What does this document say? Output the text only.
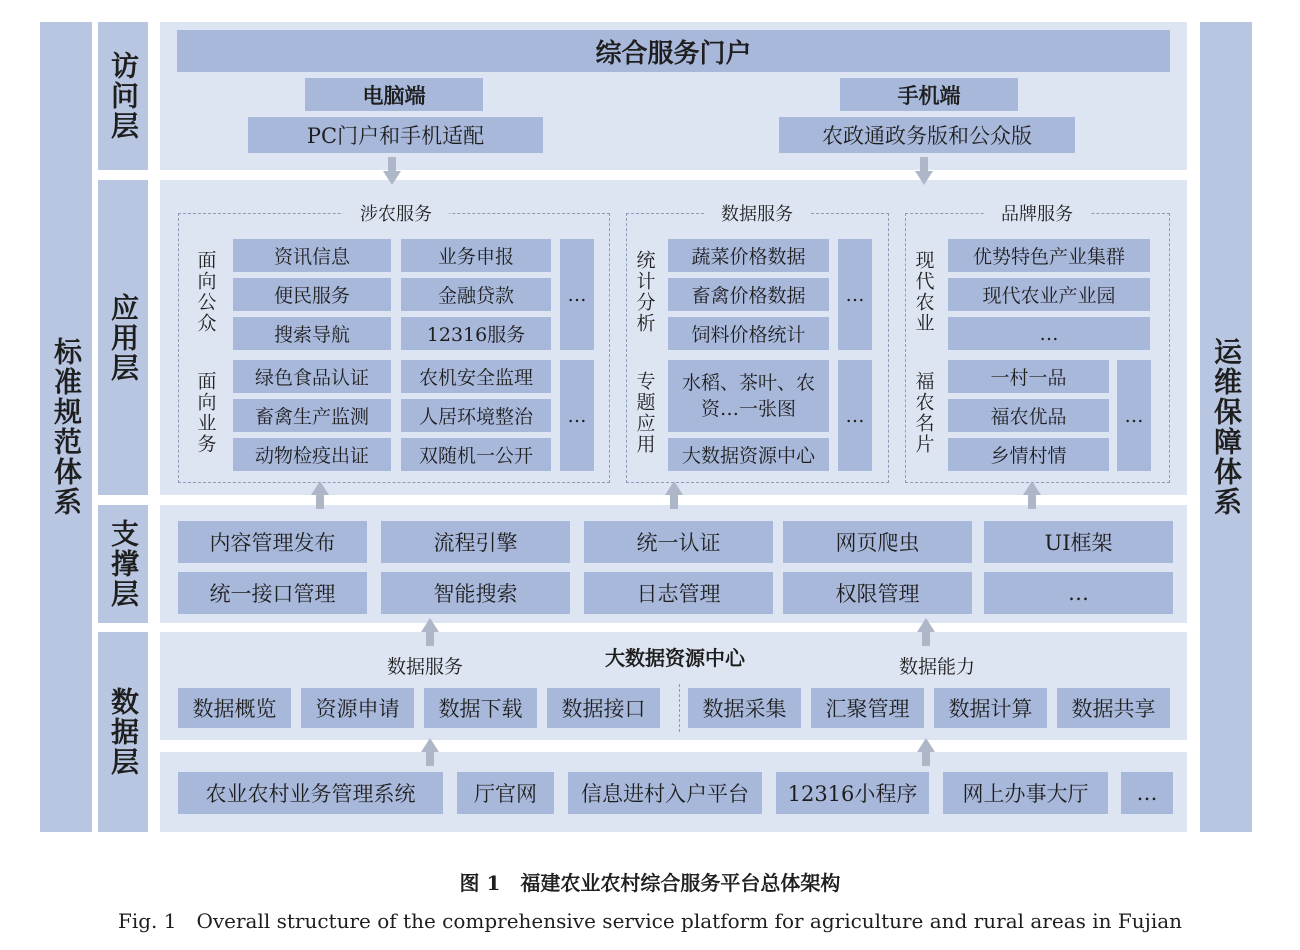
标准规范体系	运维保障体系
访问层
应用层
支撑层
数据层
综合服务门户
电脑端	手机端
PC门户和手机适配	农政通政务版和公众版
涉农服务
面向公众
面向业务
资讯信息	业务申报
便民服务	金融贷款
搜索导航	12316服务
…
绿色食品认证	农机安全监理
畜禽生产监测	人居环境整治
动物检疫出证	双随机一公开
…
数据服务
统计分析
专题应用
蔬菜价格数据
畜禽价格数据
饲料价格统计
…
水稻、茶叶、农资…一张图
大数据资源中心
…
品牌服务
现代农业
福农名片
优势特色产业集群
现代农业产业园
…
一村一品
福农优品
乡情村情
…
内容管理发布	流程引擎	统一认证	网页爬虫	UI框架
统一接口管理	智能搜索	日志管理	权限管理	…
大数据资源中心
数据服务	数据能力
数据概览	资源申请	数据下载	数据接口	数据采集	汇聚管理	数据计算	数据共享
农业农村业务管理系统	厅官网	信息进村入户平台	12316小程序	网上办事大厅	…
图 1　福建农业农村综合服务平台总体架构
Fig. 1　Overall structure of the comprehensive service platform for agriculture and rural areas in Fujian
